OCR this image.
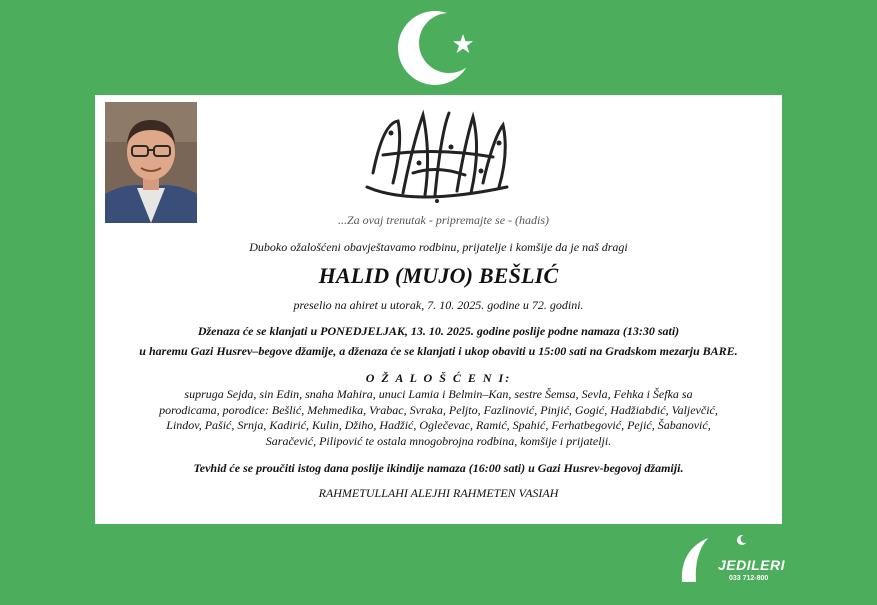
...Za ovaj trenutak - pripremajte se - (hadis)
Duboko ožalošćeni obavještavamo rodbinu, prijatelje i komšije da je naš dragi
HALID (MUJO) BEŠLIĆ
preselio na ahiret u utorak, 7. 10. 2025. godine u 72. godini.
Dženaza će se klanjati u PONEDJELJAK, 13. 10. 2025. godine poslije podne namaza (13:30 sati)
u haremu Gazi Husrev–begove džamije, a dženaza će se klanjati i ukop obaviti u 15:00 sati na Gradskom mezarju BARE.
O Ž A L O Š Ć E N I:
supruga Sejda, sin Edin, snaha Mahira, unuci Lamia i Belmin–Kan, sestre Šemsa, Sevla, Fehka i Šefka sa porodicama, porodice: Bešlić, Mehmedika, Vrabac, Svraka, Peljto, Fazlinović, Pinjić, Gogić, Hadžiabdić, Valjevčić, Lindov, Pašić, Srnja, Kadirić, Kulin, Džiho, Hadžić, Oglečevac, Ramić, Spahić, Ferhatbegović, Pejić, Šabanović, Saračević, Pilipović te ostala mnogobrojna rodbina, komšije i prijatelji.
Tevhid će se proučiti istog dana poslije ikindije namaza (16:00 sati) u Gazi Husrev-begovoj džamiji.
RAHMETULLAHI ALEJHI RAHMETEN VASIAH
JEDILERI
033 712-800
